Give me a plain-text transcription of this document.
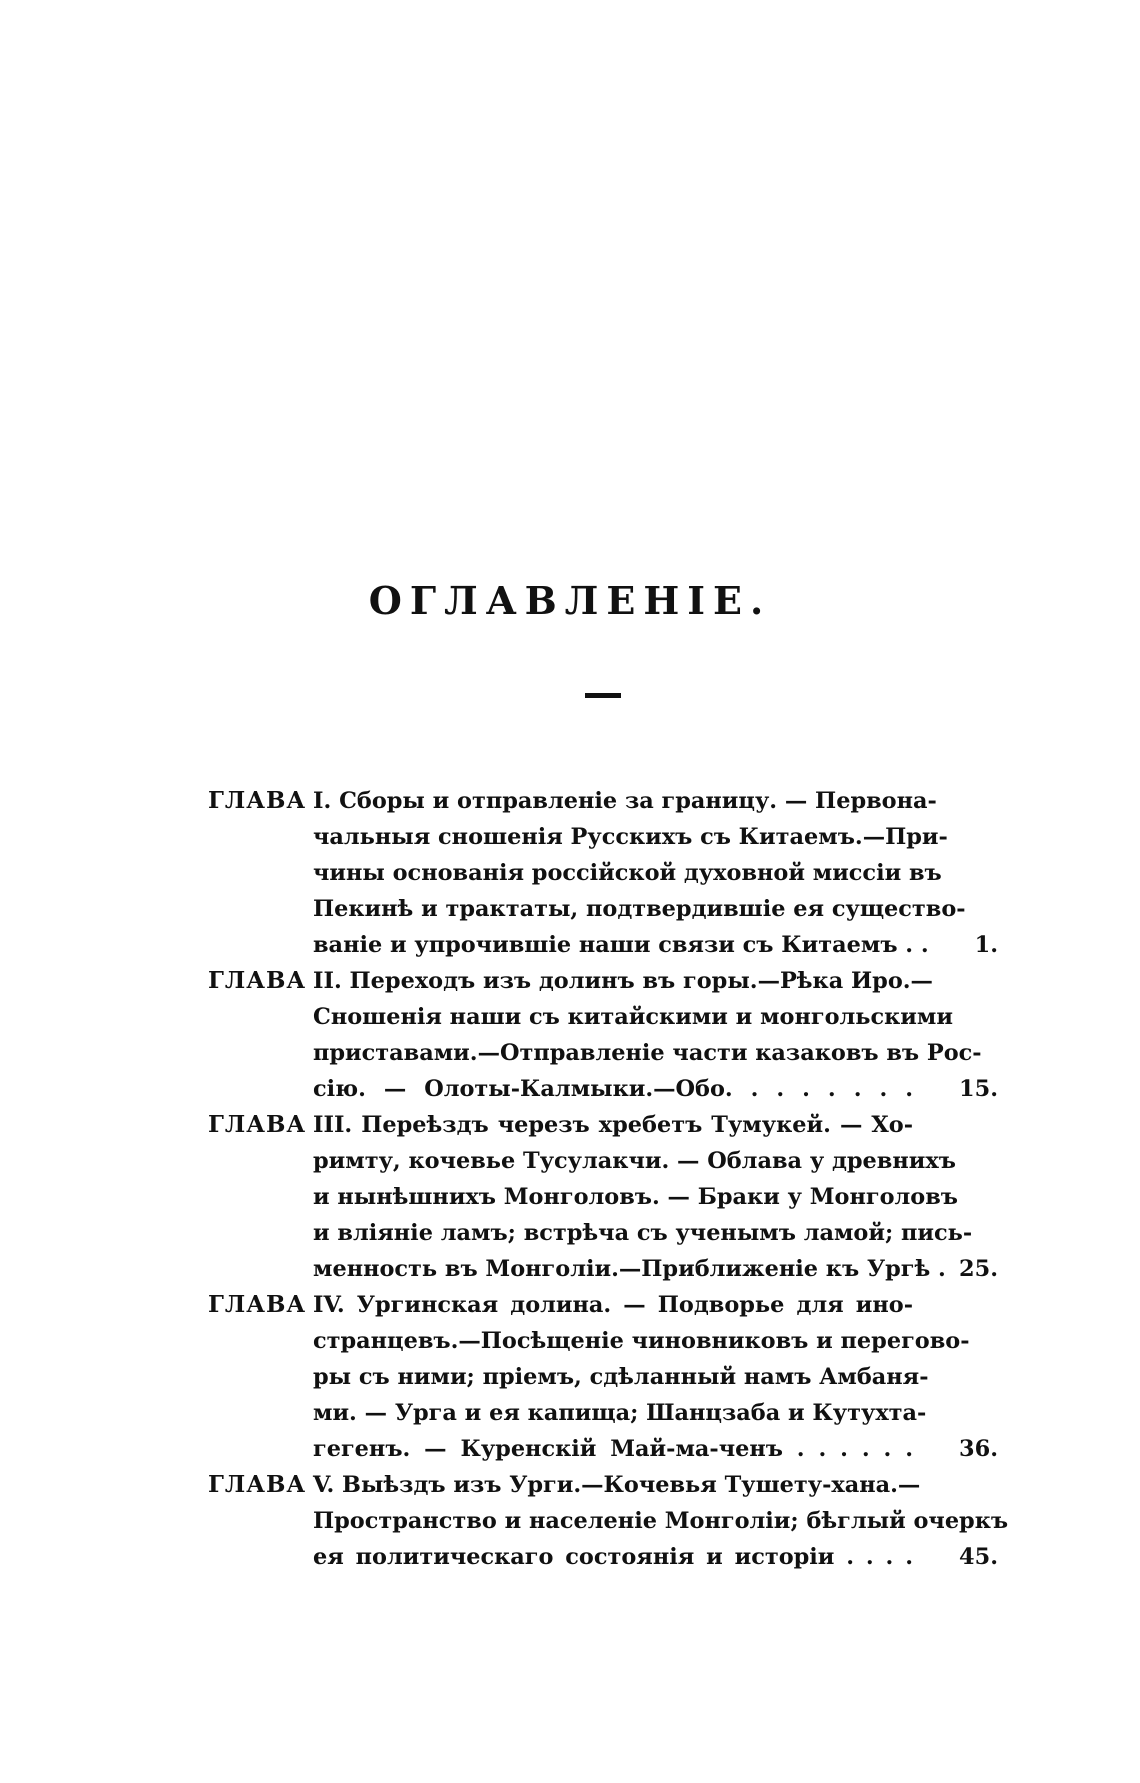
ОГЛАВЛЕНІЕ.
ГЛАВА I. Сборы и отправленіе за границу. — Первона-
чальныя сношенія Русскихъ съ Китаемъ.—При-
чины основанія россійской духовной миссіи въ
Пекинѣ и трактаты, подтвердившіе ея существо-
ваніе и упрочившіе наши связи съ Китаемъ . . 1.
ГЛАВА II. Переходъ изъ долинъ въ горы.—Рѣка Иро.—
Сношенія наши съ китайскими и монгольскими
приставами.—Отправленіе части казаковъ въ Рос-
сію. — Олоты-Калмыки.—Обо. . . . . . . . 15.
ГЛАВА III. Переѣздъ черезъ хребетъ Тумукей. — Хо-
римту, кочевье Тусулакчи. — Облава у древнихъ
и нынѣшнихъ Монголовъ. — Браки у Монголовъ
и вліяніе ламъ; встрѣча съ ученымъ ламой; пись-
менность въ Монголіи.—Приближеніе къ Ургѣ . 25.
ГЛАВА IV. Ургинская долина. — Подворье для ино-
странцевъ.—Посѣщеніе чиновниковъ и перегово-
ры съ ними; пріемъ, сдѣланный намъ Амбаня-
ми. — Урга и ея капища; Шанцзаба и Кутухта-
гегенъ. — Куренскій Май-ма-ченъ . . . . . . 36.
ГЛАВА V. Выѣздъ изъ Урги.—Кочевья Тушету-хана.—
Пространство и населеніе Монголіи; бѣглый очеркъ
ея политическаго состоянія и исторіи . . . . 45.
